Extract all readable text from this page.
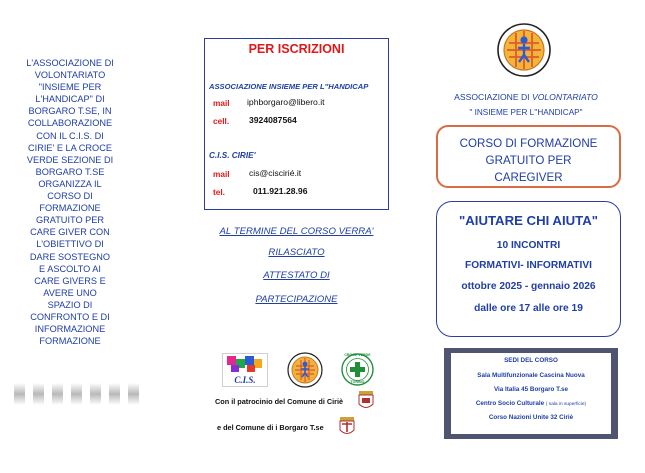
L'ASSOCIAZIONE DI
VOLONTARIATO
"INSIEME PER
L'HANDICAP" DI
BORGARO T.SE, IN
COLLABORAZIONE
CON IL C.I.S. DI
CIRIE' E LA CROCE
VERDE SEZIONE DI
BORGARO T.SE
ORGANIZZA IL
CORSO DI
FORMAZIONE
GRATUITO PER
CARE GIVER CON
L'OBIETTIVO DI
DARE SOSTEGNO
E ASCOLTO AI
CARE GIVERS E
AVERE UNO
SPAZIO DI
CONFRONTO E DI
INFORMAZIONE
FORMAZIONE
PER ISCRIZIONI
ASSOCIAZIONE INSIEME PER L''HANDICAP
mail iphborgaro@libero.it
cell. 3924087564
C.I.S. CIRIE'
mail cis@ciscirié.it
tel.	011.921.28.96
AL TERMINE DEL CORSO VERRA'
RILASCIATO
ATTESTATO DI
PARTECIPAZIONE
C.I.S.
CROCE VERDE
TORINO
Con il patrocinio del Comune di Ciriè
e del Comune di i Borgaro T.se
ASSOCIAZIONE DI VOLONTARIATO
" INSIEME PER L''HANDICAP"
CORSO DI FORMAZIONE
GRATUITO PER
CAREGIVER
"AIUTARE CHI AIUTA"
10 INCONTRI
FORMATIVI- INFORMATIVI
ottobre 2025 - gennaio 2026
dalle ore 17 alle ore 19
SEDI DEL CORSO
Sala Multifunzionale Cascina Nuova
Via Italia 45 Borgaro T.se
Centro Socio Culturale ( sala in superficie)
Corso Nazioni Unite 32 Ciriè
